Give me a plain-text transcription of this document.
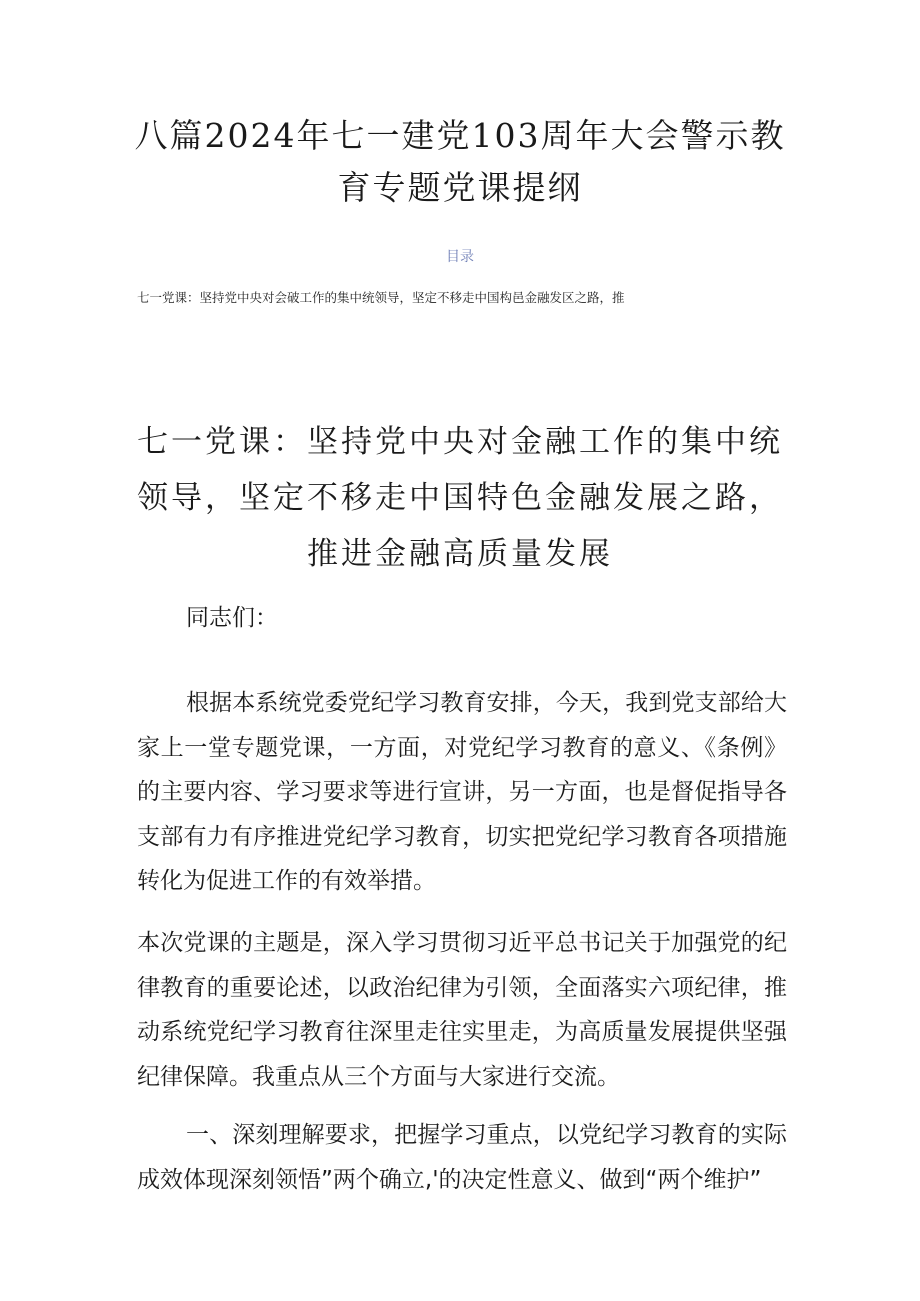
八篇2024年七一建党103周年大会警示教育专题党课提纲
目录
七一党课：坚持党中央对会破工作的集中统领导，坚定不移走中国构邑金融发区之路，推
七一党课：坚持党中央对金融工作的集中统领导，坚定不移走中国特色金融发展之路，推进金融高质量发展
同志们：
根据本系统党委党纪学习教育安排，今天，我到党支部给大家上一堂专题党课，一方面，对党纪学习教育的意义、《条例》的主要内容、学习要求等进行宣讲，另一方面，也是督促指导各支部有力有序推进党纪学习教育，切实把党纪学习教育各项措施转化为促进工作的有效举措。
本次党课的主题是，深入学习贯彻习近平总书记关于加强党的纪律教育的重要论述，以政治纪律为引领，全面落实六项纪律，推动系统党纪学习教育往深里走往实里走，为高质量发展提供坚强纪律保障。我重点从三个方面与大家进行交流。
一、深刻理解要求，把握学习重点，以党纪学习教育的实际成效体现深刻领悟”两个确立,'的决定性意义、做到“两个维护”
